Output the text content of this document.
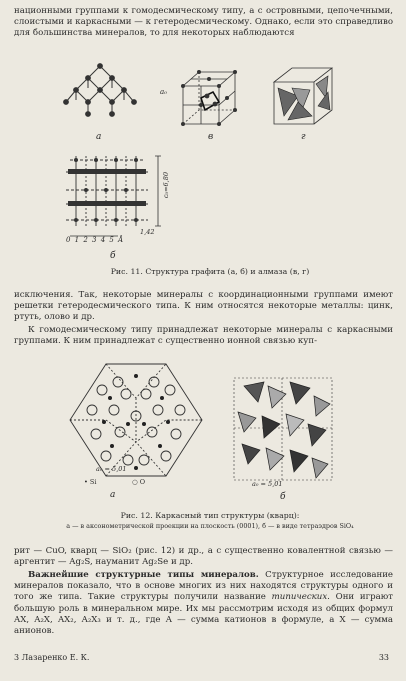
национными группами к гомодесмическому типу, а с островными, цепочечными, слоистыми и каркасными — к гетеродесмическому. Однако, если это справедливо для большинства минералов, то для некоторых наблюдаются
а
a₀
в	г
c₀=6,80
1,42
0 1 2 3 4 5 Å
б
Рис. 11. Структура графита (а, б) и алмаза (в, г)
исключения. Так, некоторые минералы с координационными группами имеют решетки гетеродесмического типа. К ним относятся некоторые металлы: цинк, ртуть, олово и др.
К гомодесмическому типу принадлежат некоторые минералы с каркасными группами. К ним принадлежат с существенно ионной связью куп-
a₀ = 5,01
• Si	○ O
а
a₀ = 5,01
б
Рис. 12. Каркасный тип структуры (кварц):
а — в аксонометрической проекции на плоскость (0001), б — в виде тетраэдров SiO₄
рит — CuO, кварц — SiO₂ (рис. 12) и др., а с существенно ковалентной связью — аргентит — Ag₂S, науманит Ag₂Se и др.
Важнейшие структурные типы минералов. Структурное исследование минералов показало, что в основе многих из них находятся структуры одного и того же типа. Такие структуры получили название типических. Они играют большую роль в минеральном мире. Их мы рассмотрим исходя из общих формул AX, A₂X, AX₂, A₂X₃ и т. д., где A — сумма катионов в формуле, а X — сумма анионов.
3 Лазаренко Е. К.	33
